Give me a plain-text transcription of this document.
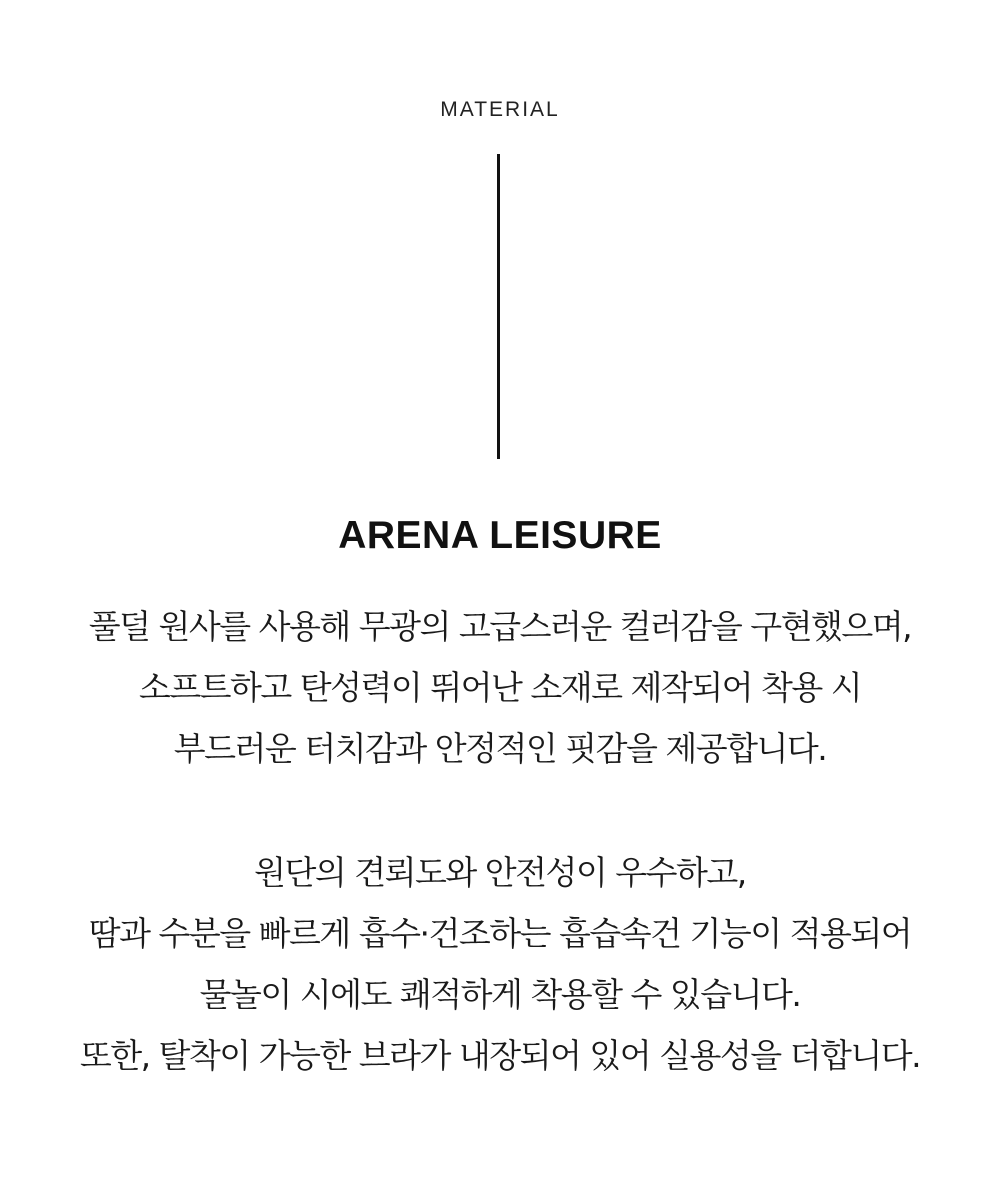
MATERIAL
ARENA LEISURE
풀덜 원사를 사용해 무광의 고급스러운 컬러감을 구현했으며,
소프트하고 탄성력이 뛰어난 소재로 제작되어 착용 시
부드러운 터치감과 안정적인 핏감을 제공합니다.
원단의 견뢰도와 안전성이 우수하고,
땀과 수분을 빠르게 흡수·건조하는 흡습속건 기능이 적용되어
물놀이 시에도 쾌적하게 착용할 수 있습니다.
또한, 탈착이 가능한 브라가 내장되어 있어 실용성을 더합니다.
